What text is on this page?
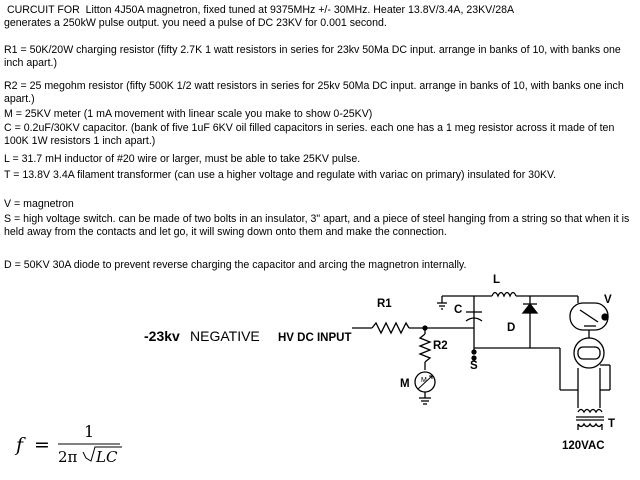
CURCUIT FOR  Litton 4J50A magnetron, fixed tuned at 9375MHz +/- 30MHz. Heater 13.8V/3.4A, 23KV/28A
generates a 250kW pulse output. you need a pulse of DC 23KV for 0.001 second.
R1 = 50K/20W charging resistor (fifty 2.7K 1 watt resistors in series for 23kv 50Ma DC input. arrange in banks of 10, with banks one inch apart.)
R2 = 25 megohm resistor (fifty 500K 1/2 watt resistors in series for 25kv 50Ma DC input. arrange in banks of 10, with banks one inch apart.)
M = 25KV meter (1 mA movement with linear scale you make to show 0-25KV)
C = 0.2uF/30KV capacitor. (bank of five 1uF 6KV oil filled capacitors in series. each one has a 1 meg resistor across it made of ten 100K 1W resistors 1 inch apart.)
L = 31.7 mH inductor of #20 wire or larger, must be able to take 25KV pulse.
T = 13.8V 3.4A filament transformer (can use a higher voltage and regulate with variac on primary) insulated for 30KV.
V = magnetron
S = high voltage switch. can be made of two bolts in an insulator, 3" apart, and a piece of steel hanging from a string so that when it is held away from the contacts and let go, it will swing down onto them and make the connection.
D = 50KV 30A diode to prevent reverse charging the capacitor and arcing the magnetron internally.
-23kv NEGATIVE HV DC INPUT
R1
R2
C
L
D
S
M M
V
T
120VAC
f =
1
2π LC
